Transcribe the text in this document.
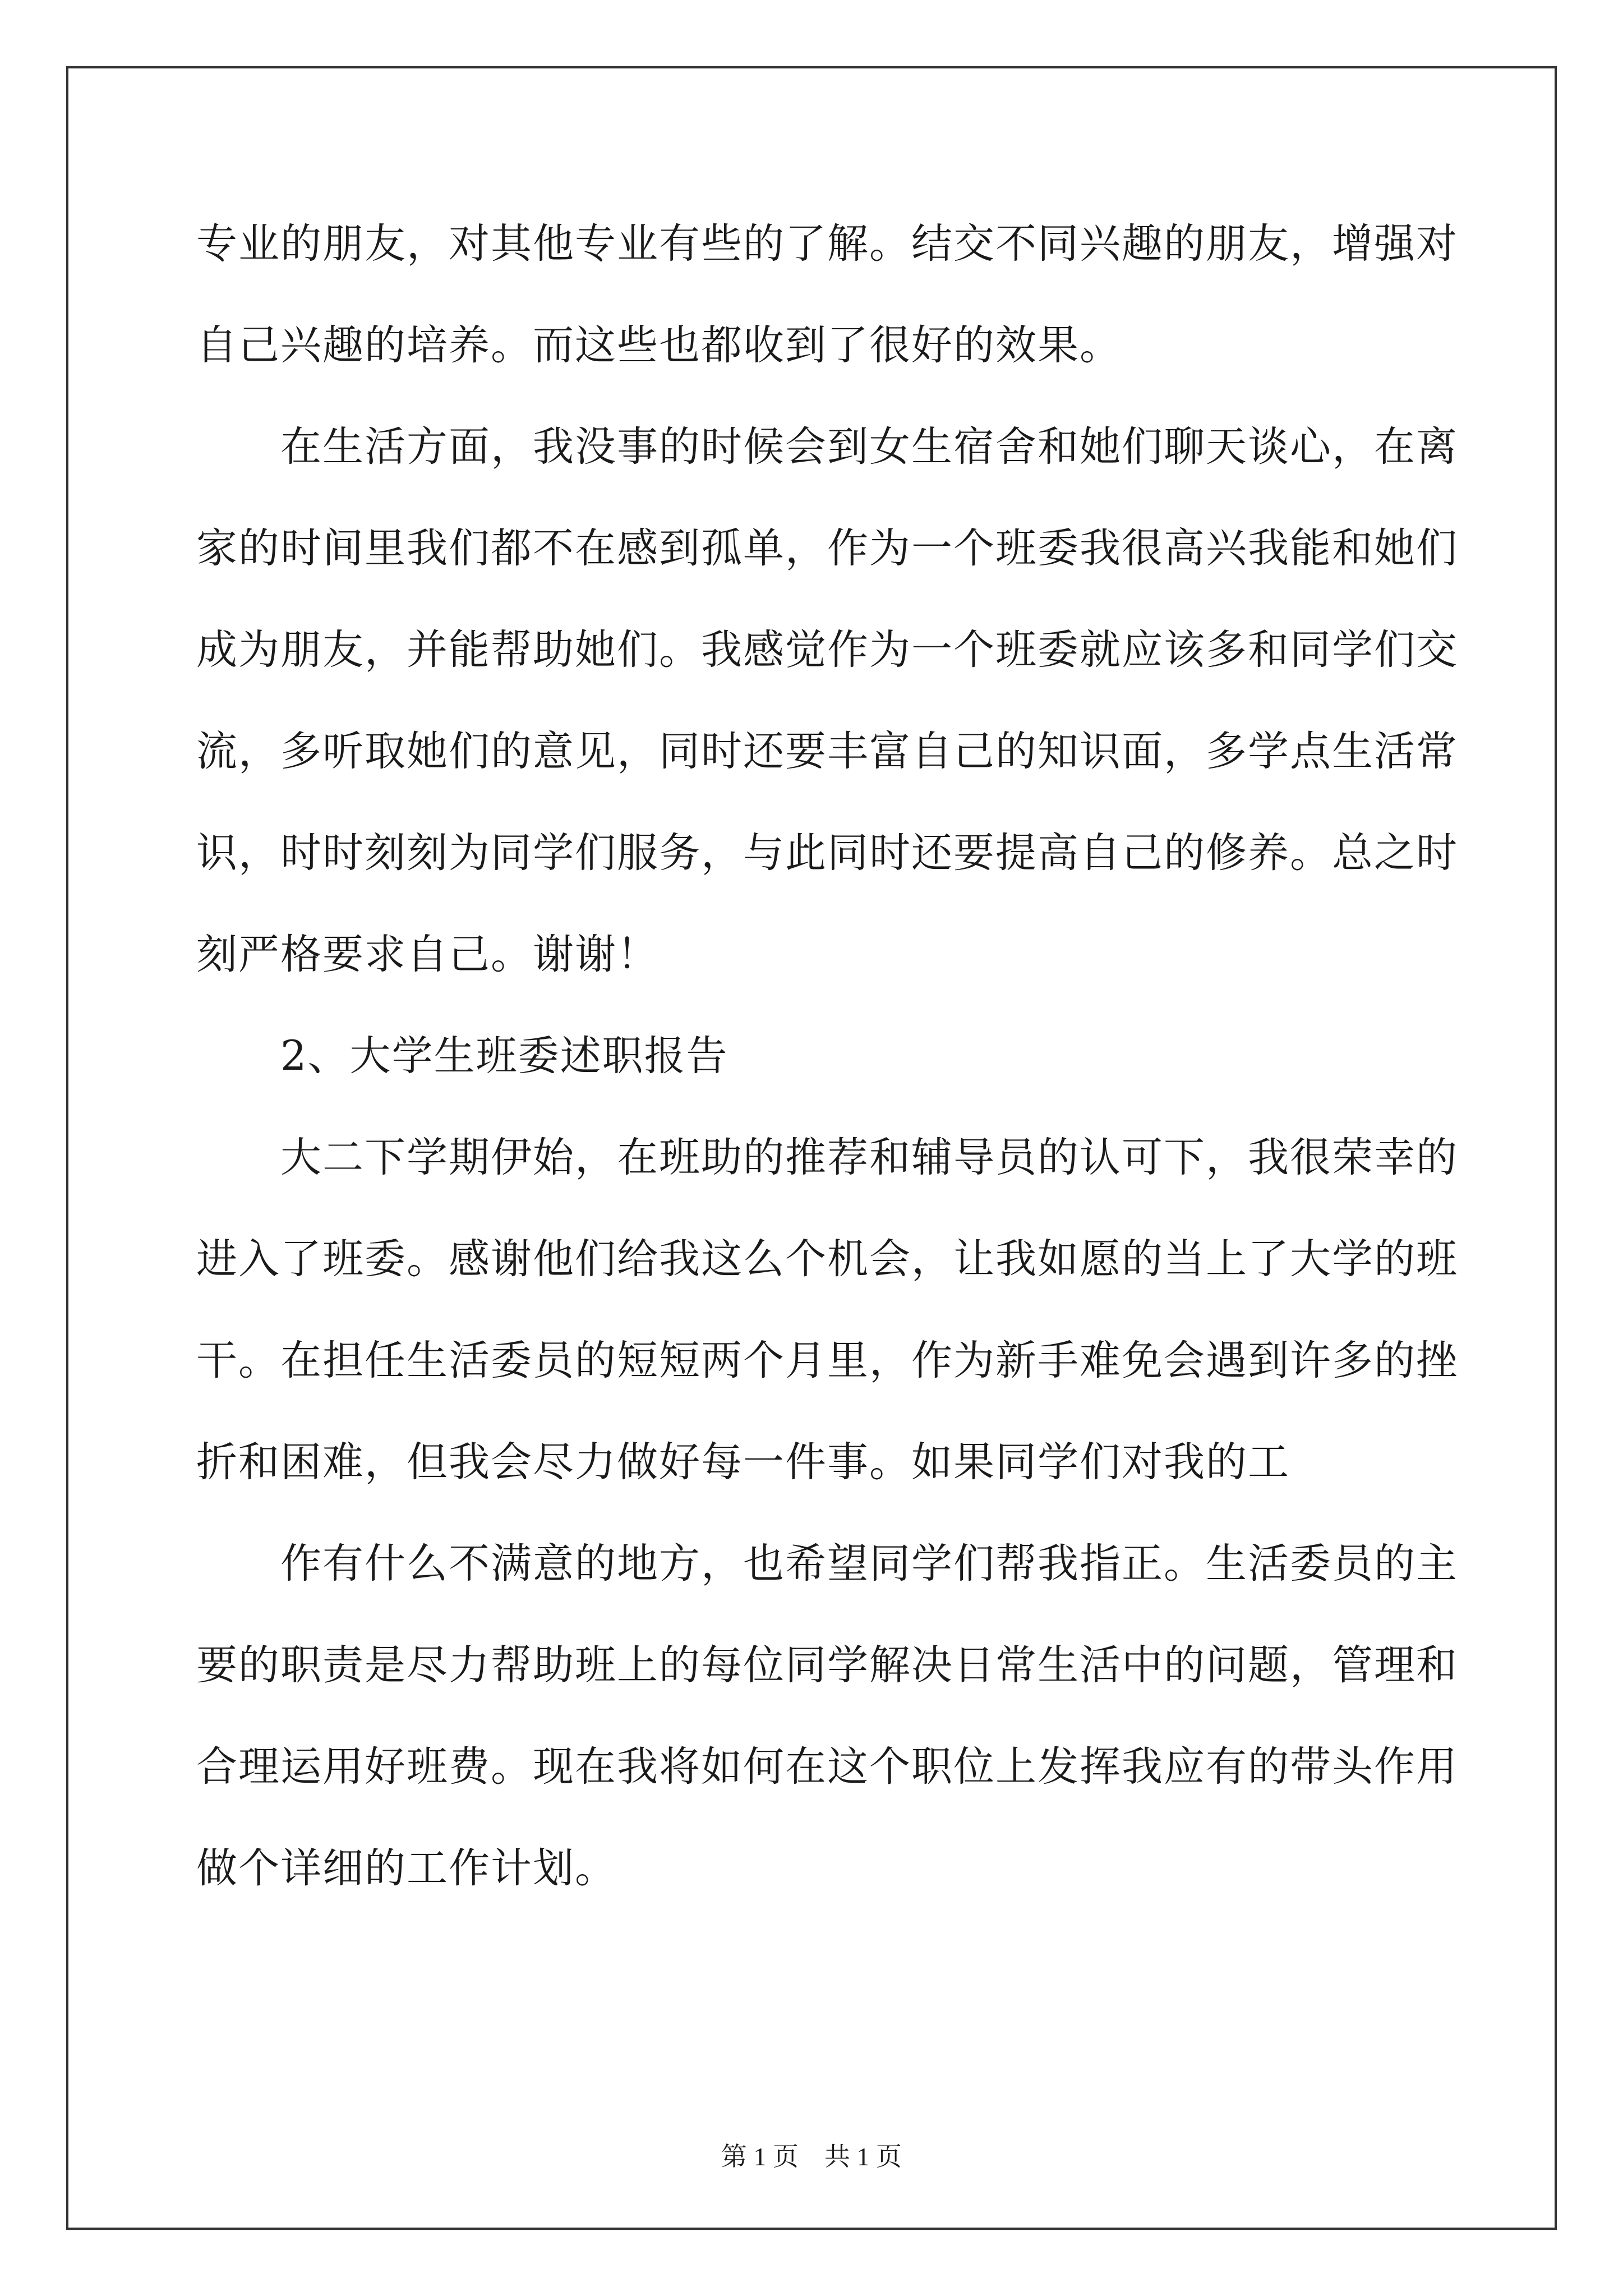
专业的朋友，对其他专业有些的了解。结交不同兴趣的朋友，增强对
自己兴趣的培养。而这些也都收到了很好的效果。
在生活方面，我没事的时候会到女生宿舍和她们聊天谈心，在离
家的时间里我们都不在感到孤单，作为一个班委我很高兴我能和她们
成为朋友，并能帮助她们。我感觉作为一个班委就应该多和同学们交
流，多听取她们的意见，同时还要丰富自己的知识面，多学点生活常
识，时时刻刻为同学们服务，与此同时还要提高自己的修养。总之时
刻严格要求自己。谢谢！
2、大学生班委述职报告
大二下学期伊始，在班助的推荐和辅导员的认可下，我很荣幸的
进入了班委。感谢他们给我这么个机会，让我如愿的当上了大学的班
干。在担任生活委员的短短两个月里，作为新手难免会遇到许多的挫
折和困难，但我会尽力做好每一件事。如果同学们对我的工
作有什么不满意的地方，也希望同学们帮我指正。生活委员的主
要的职责是尽力帮助班上的每位同学解决日常生活中的问题，管理和
合理运用好班费。现在我将如何在这个职位上发挥我应有的带头作用
做个详细的工作计划。
第 1 页 共 1 页
